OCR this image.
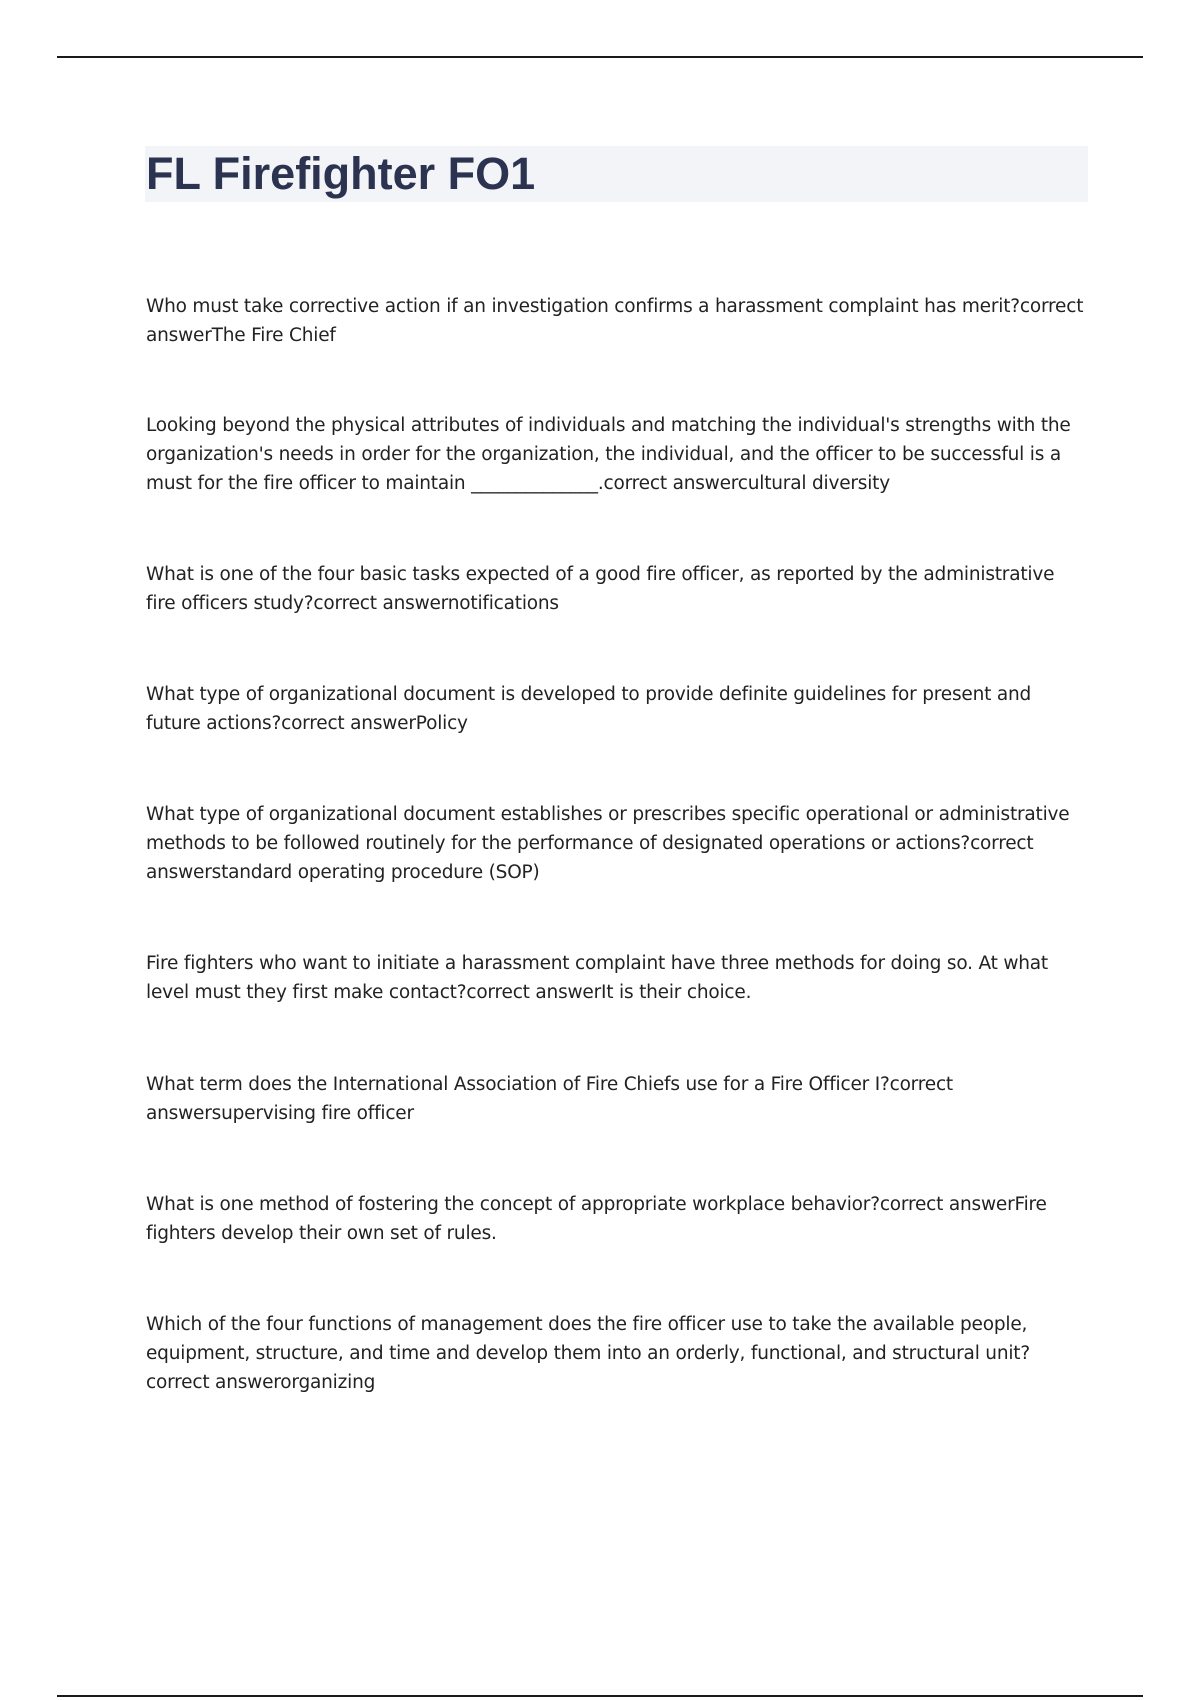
FL Firefighter FO1

Who must take corrective action if an investigation confirms a harassment complaint has merit?correct answerThe Fire Chief

Looking beyond the physical attributes of individuals and matching the individual's strengths with the organization's needs in order for the organization, the individual, and the officer to be successful is a must for the fire officer to maintain ______________.correct answercultural diversity

What is one of the four basic tasks expected of a good fire officer, as reported by the administrative fire officers study?correct answernotifications

What type of organizational document is developed to provide definite guidelines for present and future actions?correct answerPolicy

What type of organizational document establishes or prescribes specific operational or administrative methods to be followed routinely for the performance of designated operations or actions?correct answerstandard operating procedure (SOP)

Fire fighters who want to initiate a harassment complaint have three methods for doing so. At what level must they first make contact?correct answerIt is their choice.

What term does the International Association of Fire Chiefs use for a Fire Officer I?correct answersupervising fire officer

What is one method of fostering the concept of appropriate workplace behavior?correct answerFire fighters develop their own set of rules.

Which of the four functions of management does the fire officer use to take the available people, equipment, structure, and time and develop them into an orderly, functional, and structural unit?correct answerorganizing
